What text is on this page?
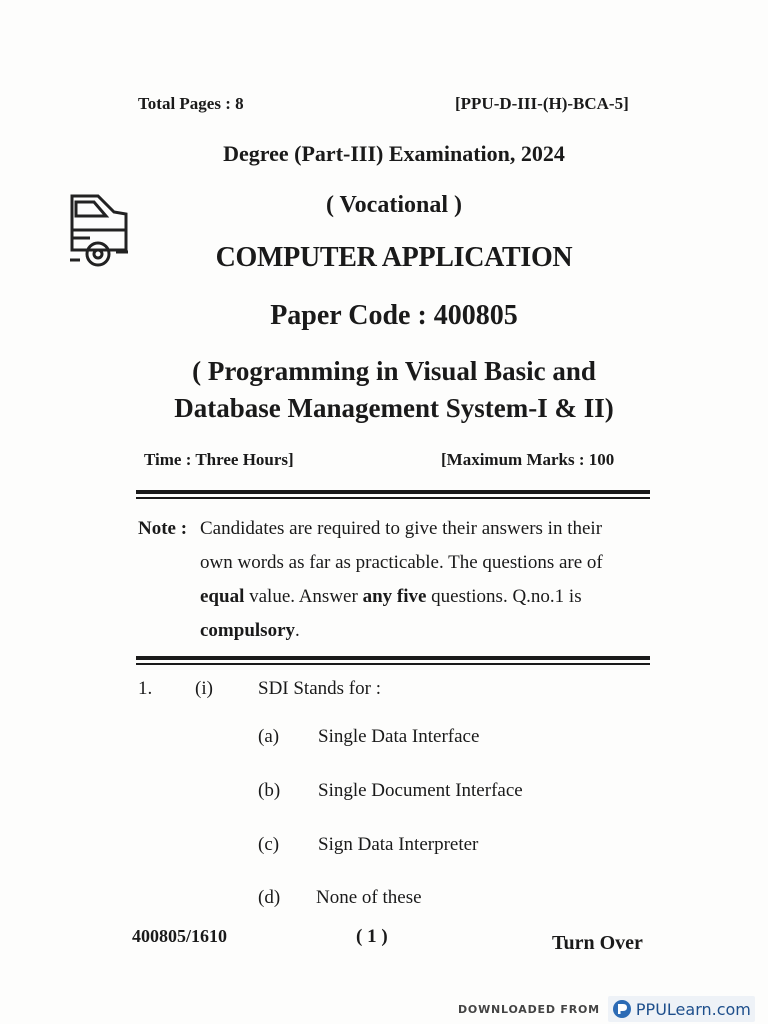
Total Pages : 8	[PPU-D-III-(H)-BCA-5]
Degree (Part-III) Examination, 2024
( Vocational )
COMPUTER APPLICATION
Paper Code : 400805
( Programming in Visual Basic and
Database Management System-I & II)
Time : Three Hours]	[Maximum Marks : 100
Note : Candidates are required to give their answers in their
own words as far as practicable. The questions are of
equal value. Answer any five questions. Q.no.1 is
compulsory.
1. (i) SDI Stands for :
(a) Single Data Interface
(b) Single Document Interface
(c) Sign Data Interpreter
(d) None of these
400805/1610	( 1 )	Turn Over
DOWNLOADED FROM PPULearn.com
